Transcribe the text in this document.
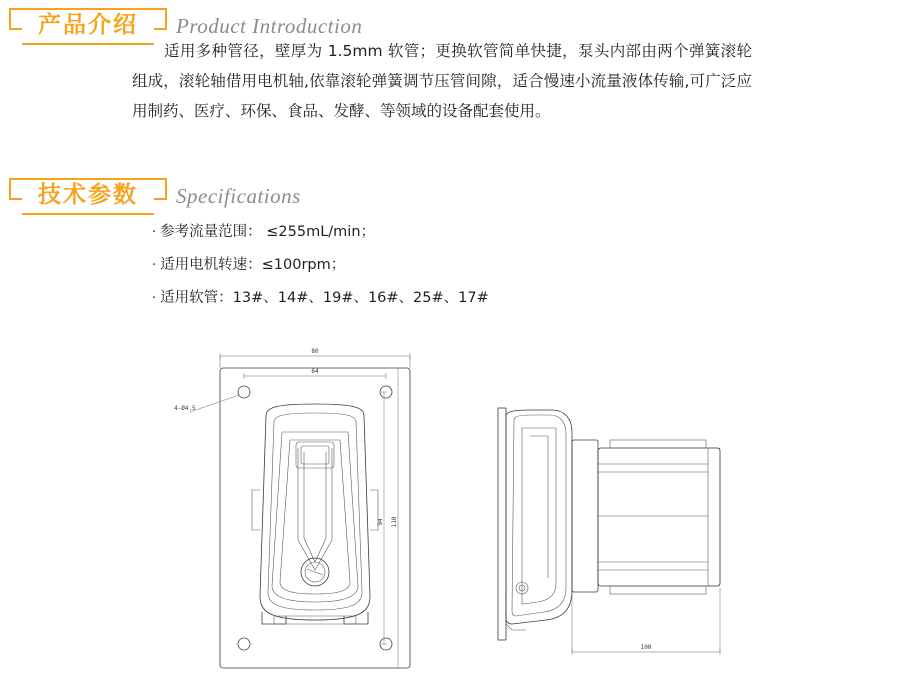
产品介绍 Product Introduction
适用多种管径，壁厚为 1.5mm 软管；更换软管简单快捷，泵头内部由两个弹簧滚轮组成，滚轮轴借用电机轴,依靠滚轮弹簧调节压管间隙，适合慢速小流量液体传输,可广泛应用制药、医疗、环保、食品、发酵、等领域的设备配套使用。
技术参数 Specifications
· 参考流量范围： ≤255mL/min；
· 适用电机转速：≤100rpm；
· 适用软管：13#、14#、19#、16#、25#、17#
80
64
4-Ø4.5
94 110
100
